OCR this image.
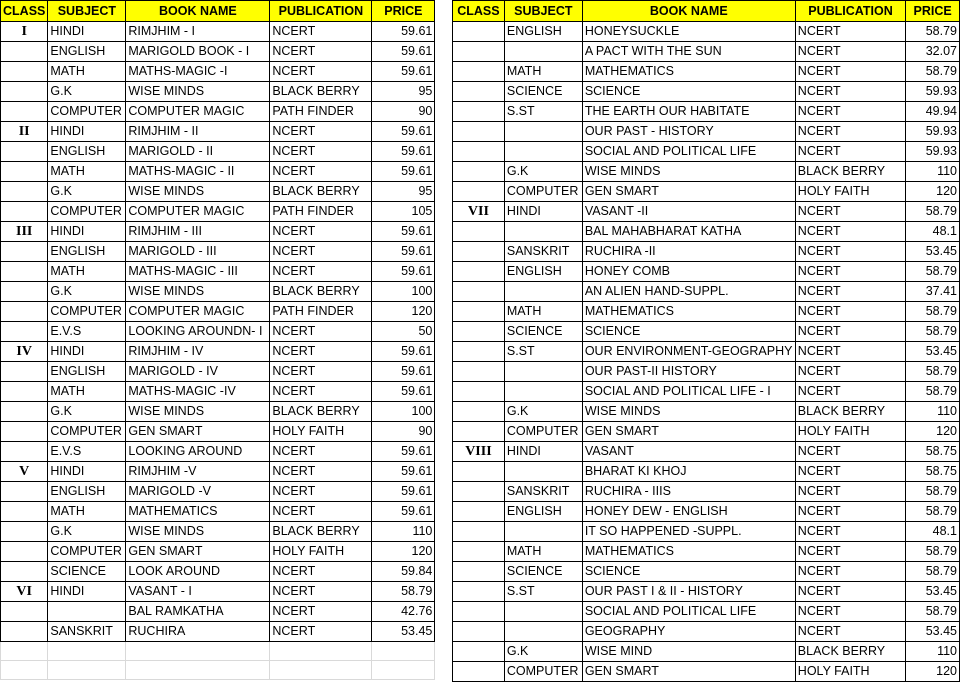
CLASS	SUBJECT	BOOK NAME	PUBLICATION	PRICE
I	HINDI	RIMJHIM - I	NCERT	59.61
	ENGLISH	MARIGOLD BOOK - I	NCERT	59.61
	MATH	MATHS-MAGIC -I	NCERT	59.61
	G.K	WISE MINDS	BLACK BERRY	95
	COMPUTER	COMPUTER MAGIC	PATH FINDER	90
II	HINDI	RIMJHIM - II	NCERT	59.61
	ENGLISH	MARIGOLD - II	NCERT	59.61
	MATH	MATHS-MAGIC - II	NCERT	59.61
	G.K	WISE MINDS	BLACK BERRY	95
	COMPUTER	COMPUTER MAGIC	PATH FINDER	105
III	HINDI	RIMJHIM - III	NCERT	59.61
	ENGLISH	MARIGOLD - III	NCERT	59.61
	MATH	MATHS-MAGIC - III	NCERT	59.61
	G.K	WISE MINDS	BLACK BERRY	100
	COMPUTER	COMPUTER MAGIC	PATH FINDER	120
	E.V.S	LOOKING AROUNDN- I	NCERT	50
IV	HINDI	RIMJHIM - IV	NCERT	59.61
	ENGLISH	MARIGOLD - IV	NCERT	59.61
	MATH	MATHS-MAGIC -IV	NCERT	59.61
	G.K	WISE MINDS	BLACK BERRY	100
	COMPUTER	GEN SMART	HOLY FAITH	90
	E.V.S	LOOKING AROUND	NCERT	59.61
V	HINDI	RIMJHIM -V	NCERT	59.61
	ENGLISH	MARIGOLD -V	NCERT	59.61
	MATH	MATHEMATICS	NCERT	59.61
	G.K	WISE MINDS	BLACK BERRY	110
	COMPUTER	GEN SMART	HOLY FAITH	120
	SCIENCE	LOOK AROUND	NCERT	59.84
VI	HINDI	VASANT - I	NCERT	58.79
		BAL RAMKATHA	NCERT	42.76
	SANSKRIT	RUCHIRA	NCERT	53.45

CLASS	SUBJECT	BOOK NAME	PUBLICATION	PRICE
	ENGLISH	HONEYSUCKLE	NCERT	58.79
		A PACT WITH THE SUN	NCERT	32.07
	MATH	MATHEMATICS	NCERT	58.79
	SCIENCE	SCIENCE	NCERT	59.93
	S.ST	THE EARTH OUR HABITATE	NCERT	49.94
		OUR PAST - HISTORY	NCERT	59.93
		SOCIAL AND POLITICAL LIFE	NCERT	59.93
	G.K	WISE MINDS	BLACK BERRY	110
	COMPUTER	GEN SMART	HOLY FAITH	120
VII	HINDI	VASANT -II	NCERT	58.79
		BAL MAHABHARAT KATHA	NCERT	48.1
	SANSKRIT	RUCHIRA -II	NCERT	53.45
	ENGLISH	HONEY COMB	NCERT	58.79
		AN ALIEN HAND-SUPPL.	NCERT	37.41
	MATH	MATHEMATICS	NCERT	58.79
	SCIENCE	SCIENCE	NCERT	58.79
	S.ST	OUR ENVIRONMENT-GEOGRAPHY	NCERT	53.45
		OUR PAST-II HISTORY	NCERT	58.79
		SOCIAL AND POLITICAL LIFE - I	NCERT	58.79
	G.K	WISE MINDS	BLACK BERRY	110
	COMPUTER	GEN SMART	HOLY FAITH	120
VIII	HINDI	VASANT	NCERT	58.75
		BHARAT KI KHOJ	NCERT	58.75
	SANSKRIT	RUCHIRA - IIIS	NCERT	58.79
	ENGLISH	HONEY DEW - ENGLISH	NCERT	58.79
		IT SO HAPPENED -SUPPL.	NCERT	48.1
	MATH	MATHEMATICS	NCERT	58.79
	SCIENCE	SCIENCE	NCERT	58.79
	S.ST	OUR PAST I & II - HISTORY	NCERT	53.45
		SOCIAL AND POLITICAL LIFE	NCERT	58.79
		GEOGRAPHY	NCERT	53.45
	G.K	WISE MIND	BLACK BERRY	110
	COMPUTER	GEN SMART	HOLY FAITH	120
